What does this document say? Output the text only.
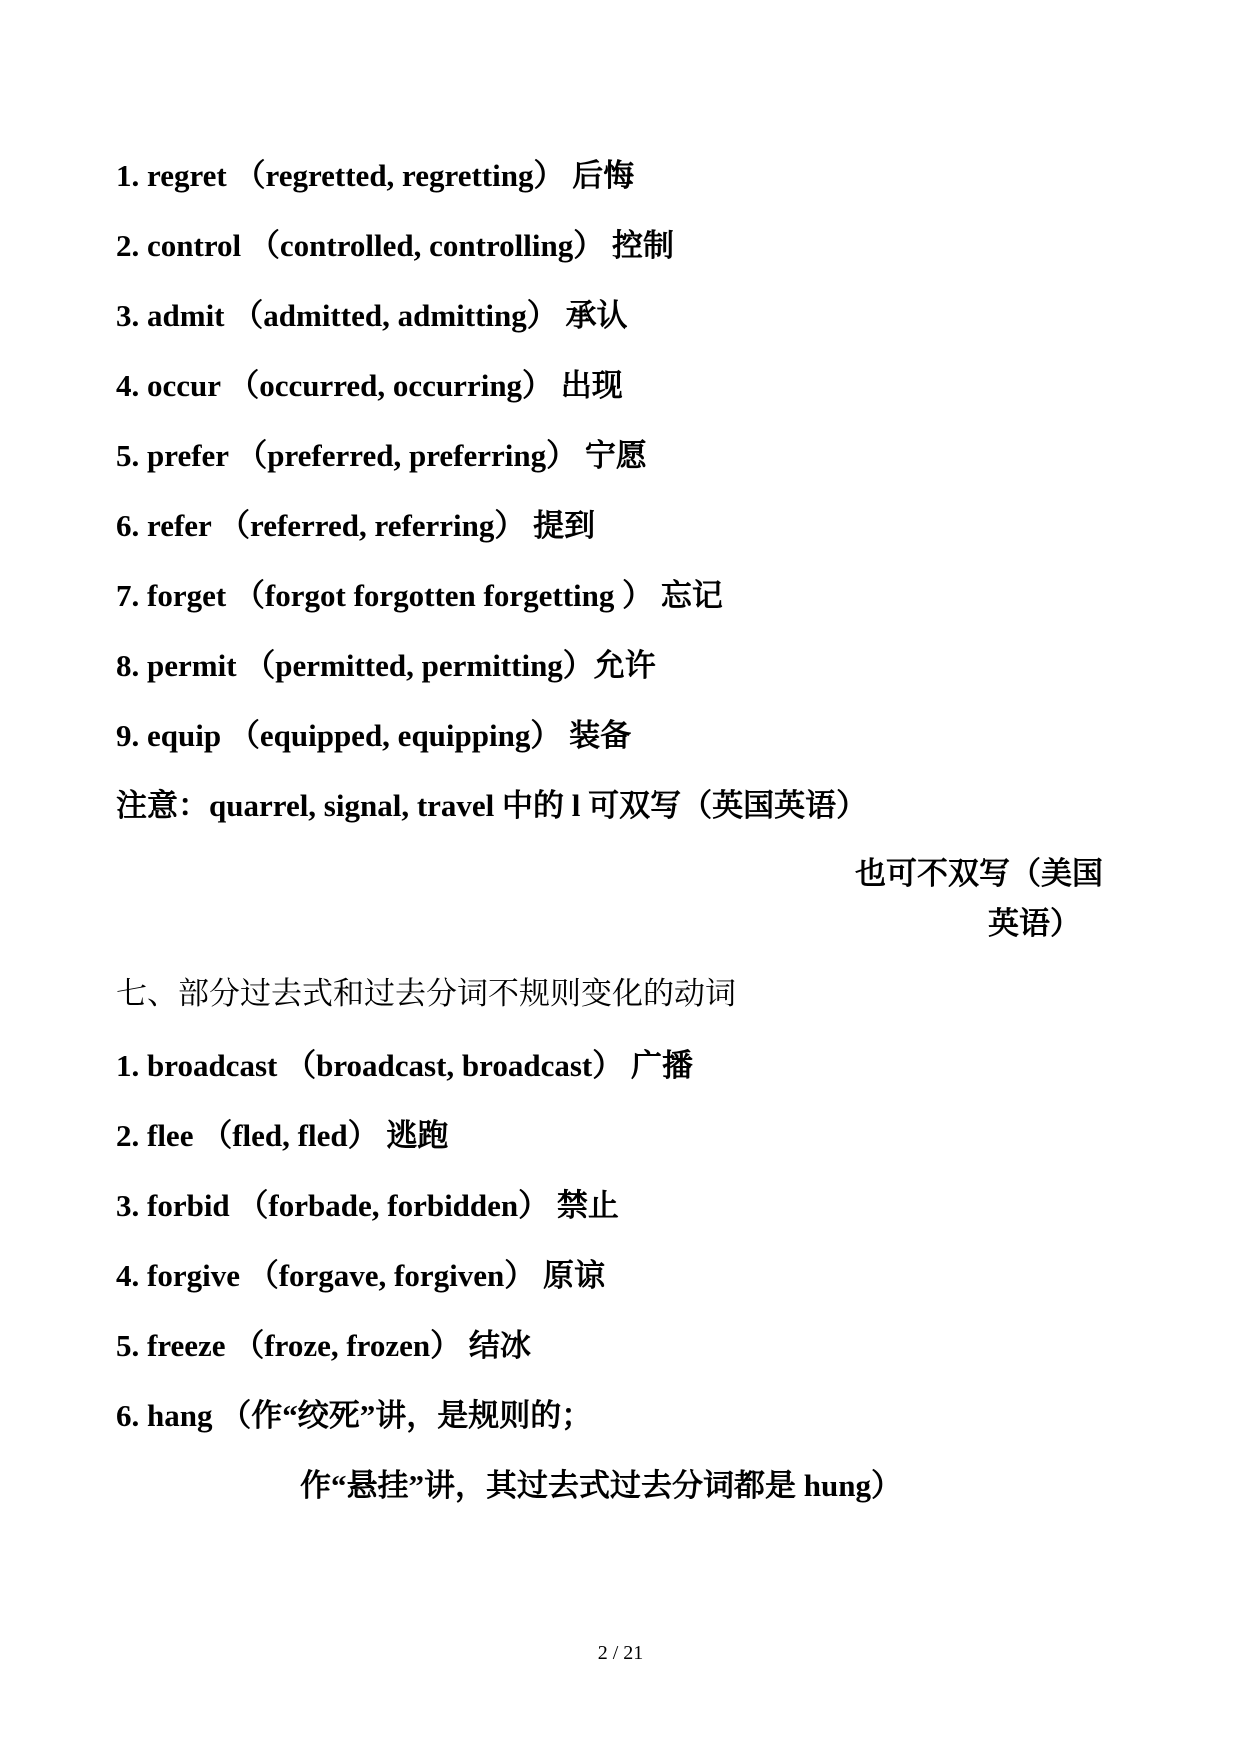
1. regret （regretted, regretting） 后悔
2. control （controlled, controlling） 控制
3. admit （admitted, admitting） 承认
4. occur （occurred, occurring） 出现
5. prefer （preferred, preferring） 宁愿
6. refer （referred, referring） 提到
7. forget （forgot forgotten forgetting ） 忘记
8. permit （permitted, permitting）允许
9. equip （equipped, equipping） 装备
注意：quarrel, signal, travel 中的 l 可双写（英国英语）
也可不双写（美国
英语）
七、部分过去式和过去分词不规则变化的动词
1. broadcast （broadcast, broadcast） 广播
2. flee （fled, fled） 逃跑
3. forbid （forbade, forbidden） 禁止
4. forgive （forgave, forgiven） 原谅
5. freeze （froze, frozen） 结冰
6. hang （作“绞死”讲，是规则的；
作“悬挂”讲，其过去式过去分词都是 hung）
2 / 21
